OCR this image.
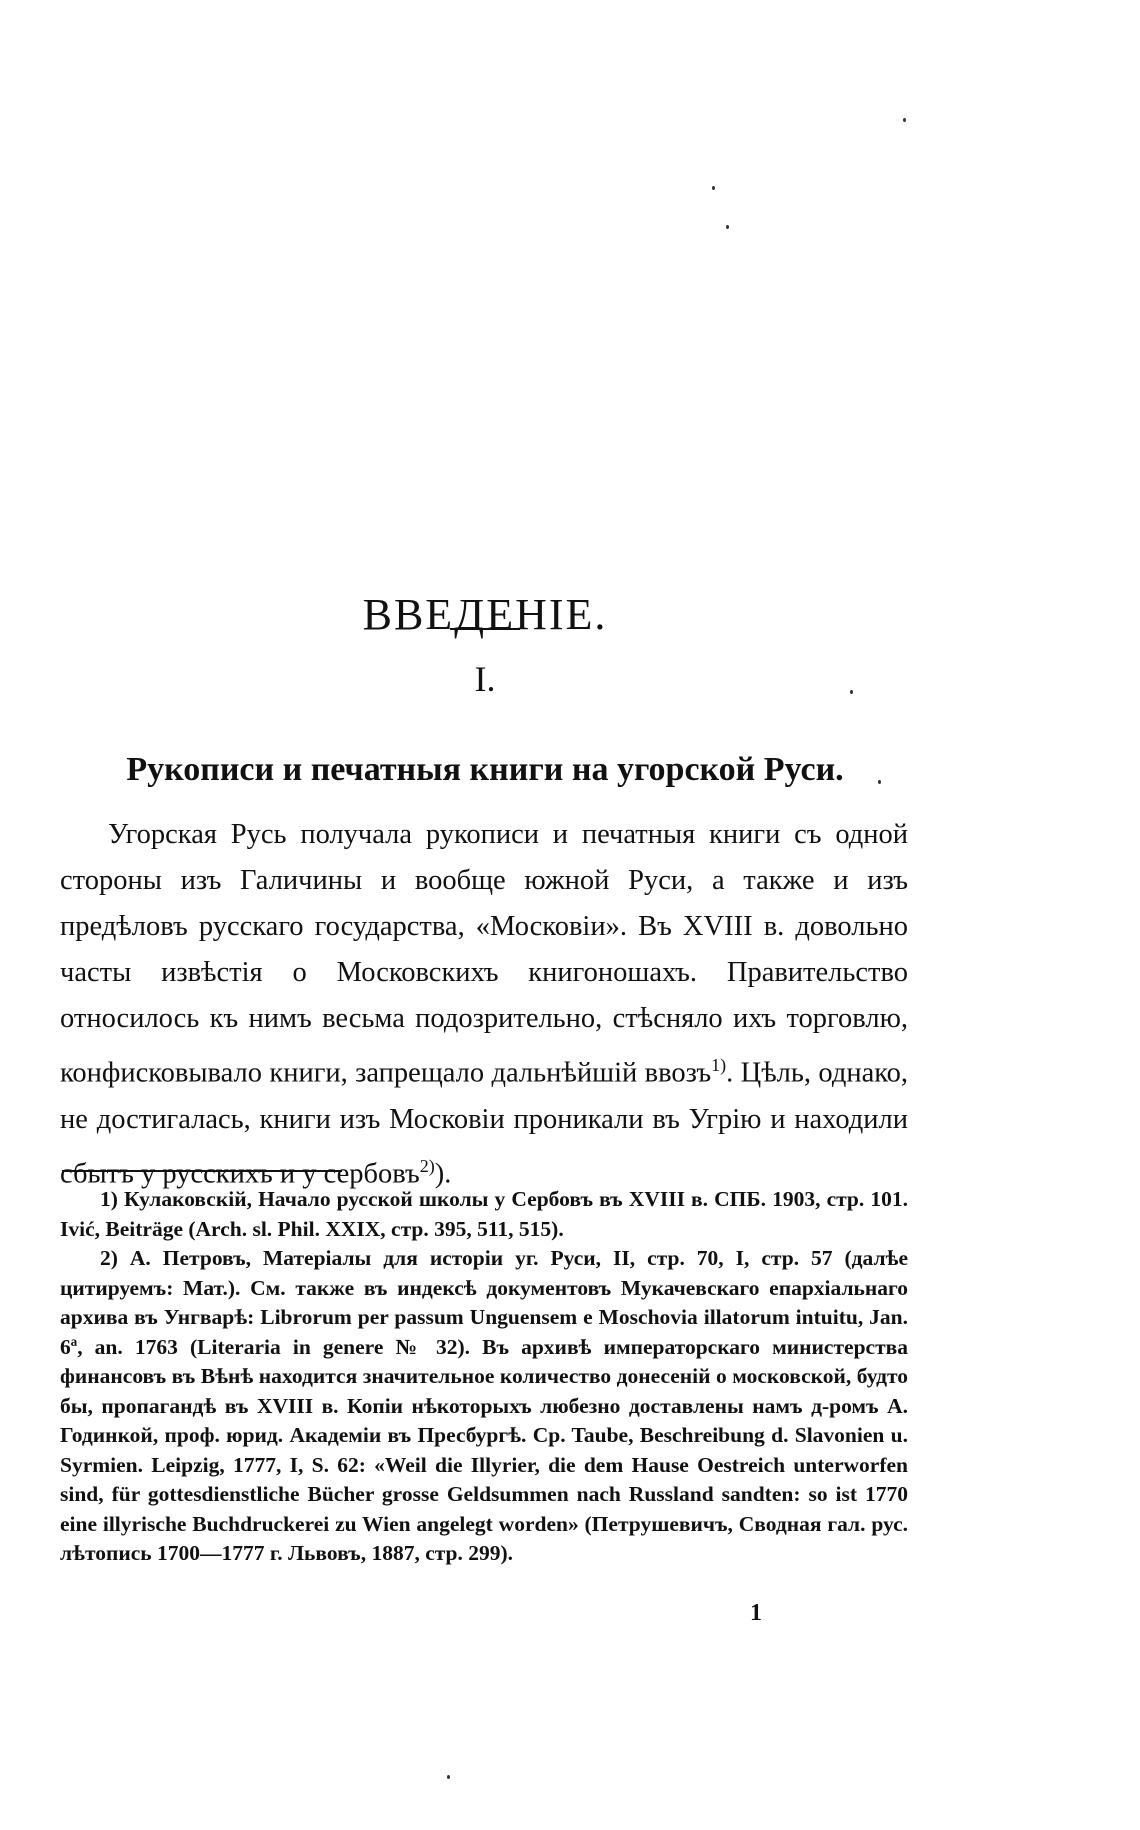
ВВЕДЕНІЕ.
I.
Рукописи и печатныя книги на угорской Руси.

Угорская Русь получала рукописи и печатныя книги съ одной стороны изъ Галичины и вообще южной Руси, а также и изъ предѣловъ русскаго государства, «Московіи». Въ XVIII в. довольно часты извѣстія о Московскихъ книгоношахъ. Правительство относилось къ нимъ весьма подозрительно, стѣсняло ихъ торговлю, конфисковывало книги, запрещало дальнѣйшій ввозъ$^{1)}$. Цѣль, однако, не достигалась, книги изъ Московіи проникали въ Угрію и находили сбытъ у русскихъ и у сербовъ$^{2)}$).

1) Кулаковскій, Начало русской школы у Сербовъ въ XVIII в. СПБ. 1903, стр. 101. Ivić, Beiträge (Arch. sl. Phil. XXIX, стр. 395, 511, 515).

2) А. Петровъ, Матеріалы для исторіи уг. Руси, II, стр. 70, I, стр. 57 (далѣе цитируемъ: Мат.). См. также въ индексѣ документовъ Мукачевскаго епархіальнаго архива въ Унгварѣ: Librorum per passum Unguensem e Moschovia illatorum intuitu, Jan. 6ª, an. 1763 (Literaria in genere № 32). Въ архивѣ императорскаго министерства финансовъ въ Вѣнѣ находится значительное количество донесеній о московской, будто бы, пропагандѣ въ XVIII в. Копіи нѣкоторыхъ любезно доставлены намъ д-ромъ А. Годинкой, проф. юрид. Академіи въ Пресбургѣ. Cp. Taube, Beschreibung d. Slavonien u. Syrmien. Leipzig, 1777, I, S. 62: «Weil die Illyrier, die dem Hause Oestreich unterworfen sind, für gottesdienstliche Bücher grosse Geldsummen nach Russland sandten: so ist 1770 eine illyrische Buchdruckerei zu Wien angelegt worden» (Петрушевичъ, Сводная гал. рус. лѣтопись 1700—1777 г. Львовъ, 1887, стр. 299).

1
